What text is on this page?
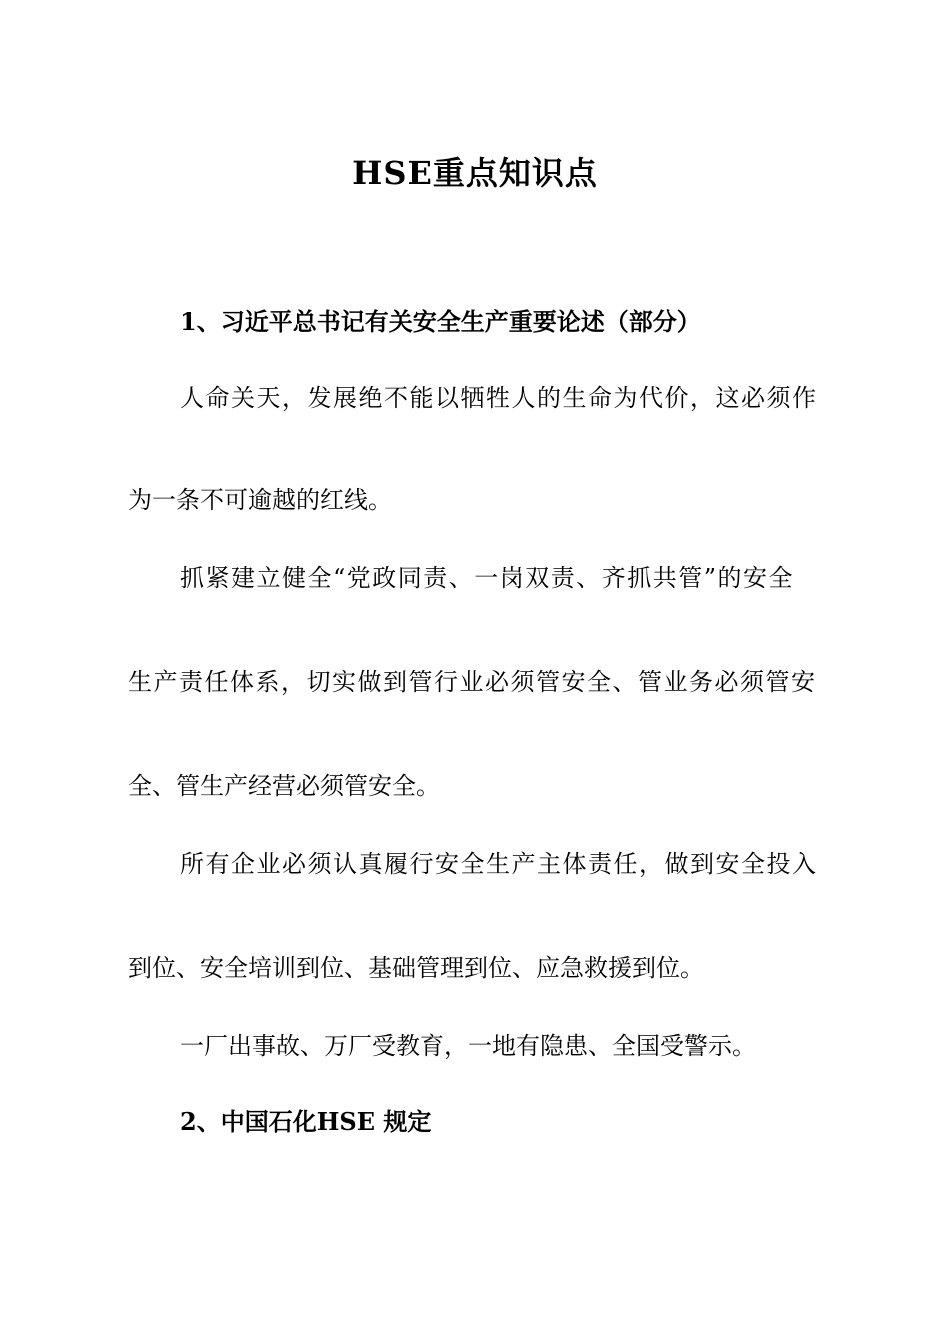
HSE重点知识点
1、习近平总书记有关安全生产重要论述（部分）
人命关天，发展绝不能以牺牲人的生命为代价，这必须作
为一条不可逾越的红线。
抓紧建立健全“党政同责、一岗双责、齐抓共管”的安全
生产责任体系，切实做到管行业必须管安全、管业务必须管安
全、管生产经营必须管安全。
所有企业必须认真履行安全生产主体责任，做到安全投入
到位、安全培训到位、基础管理到位、应急救援到位。
一厂出事故、万厂受教育，一地有隐患、全国受警示。
2、中国石化HSE 规定
